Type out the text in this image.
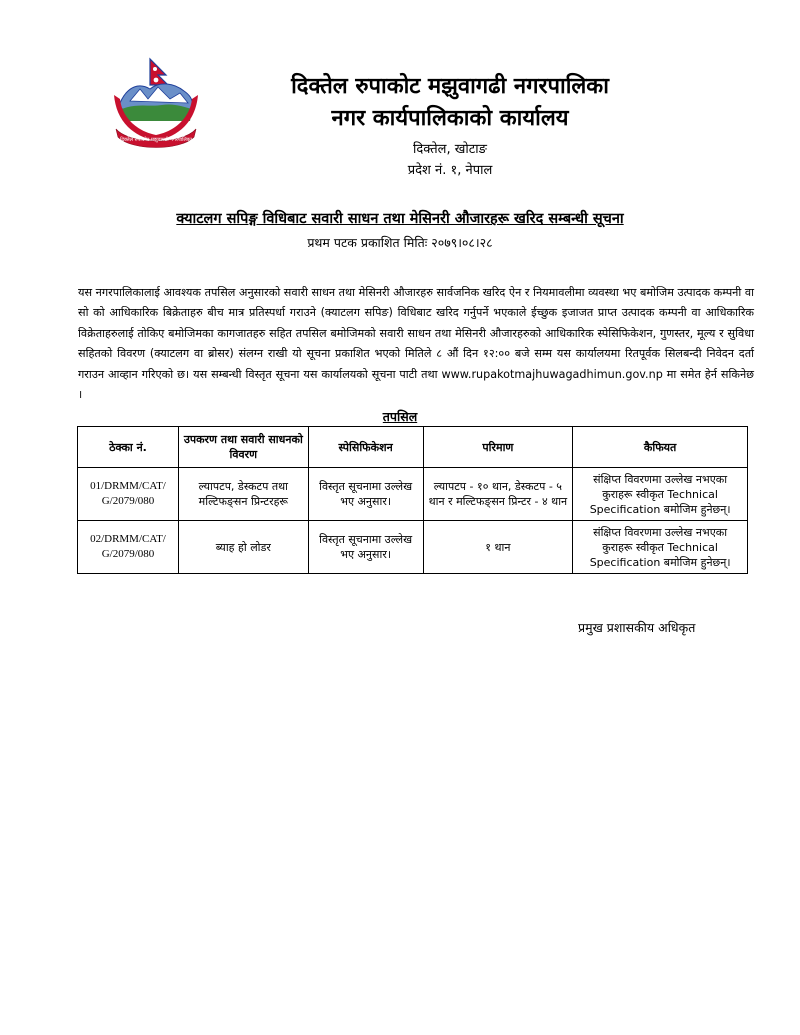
दिक्तेल रुपाकोट मझुवागढी नगरपालिका
दिक्तेल रुपाकोट मझुवागढी नगरपालिका
नगर कार्यपालिकाको कार्यालय
दिक्तेल, खोटाङ
प्रदेश नं. १, नेपाल
क्याटलग सपिङ्ग विधिबाट सवारी साधन तथा मेसिनरी औजारहरू खरिद सम्बन्धी सूचना
प्रथम पटक प्रकाशित मितिः २०७९।०८।२८
यस नगरपालिकालाई आवश्यक तपसिल अनुसारको सवारी साधन तथा मेसिनरी औजारहरु सार्वजनिक खरिद ऐन र नियमावलीमा व्यवस्था भए बमोजिम उत्पादक कम्पनी वा सो को आधिकारिक बिक्रेताहरु बीच मात्र प्रतिस्पर्धा गराउने (क्याटलग सपिङ) विधिबाट खरिद गर्नुपर्ने भएकाले ईच्छुक इजाजत प्राप्त उत्पादक कम्पनी वा आधिकारिक विक्रेताहरुलाई तोकिए बमोजिमका कागजातहरु सहित तपसिल बमोजिमको सवारी साधन तथा मेसिनरी औजारहरुको आधिकारिक स्पेसिफिकेशन, गुणस्तर, मूल्य र सुविधा सहितको विवरण (क्याटलग वा ब्रोसर) संलग्न राखी यो सूचना प्रकाशित भएको मितिले ८ औं दिन १२:०० बजे सम्म यस कार्यालयमा रितपूर्वक सिलबन्दी निवेदन दर्ता गराउन आव्हान गरिएको छ। यस सम्बन्धी विस्तृत सूचना यस कार्यालयको सूचना पाटी तथा www.rupakotmajhuwagadhimun.gov.np मा समेत हेर्न सकिनेछ ।
तपसिल
ठेक्का नं.	उपकरण तथा सवारी साधनको विवरण	स्पेसिफिकेशन	परिमाण	कैफियत
01/DRMM/CAT/ G/2079/080	ल्यापटप, डेस्कटप तथा मल्टिफङ्सन प्रिन्टरहरू	विस्तृत सूचनामा उल्लेख भए अनुसार।	ल्यापटप - १० थान, डेस्कटप - ५ थान र मल्टिफङ्सन प्रिन्टर - ४ थान	संक्षिप्त विवरणमा उल्लेख नभएका कुराहरू स्वीकृत Technical Specification बमोजिम हुनेछन्।
02/DRMM/CAT/ G/2079/080	ब्याह हो लोडर	विस्तृत सूचनामा उल्लेख भए अनुसार।	१ थान	संक्षिप्त विवरणमा उल्लेख नभएका कुराहरू स्वीकृत Technical Specification बमोजिम हुनेछन्।
प्रमुख प्रशासकीय अधिकृत
